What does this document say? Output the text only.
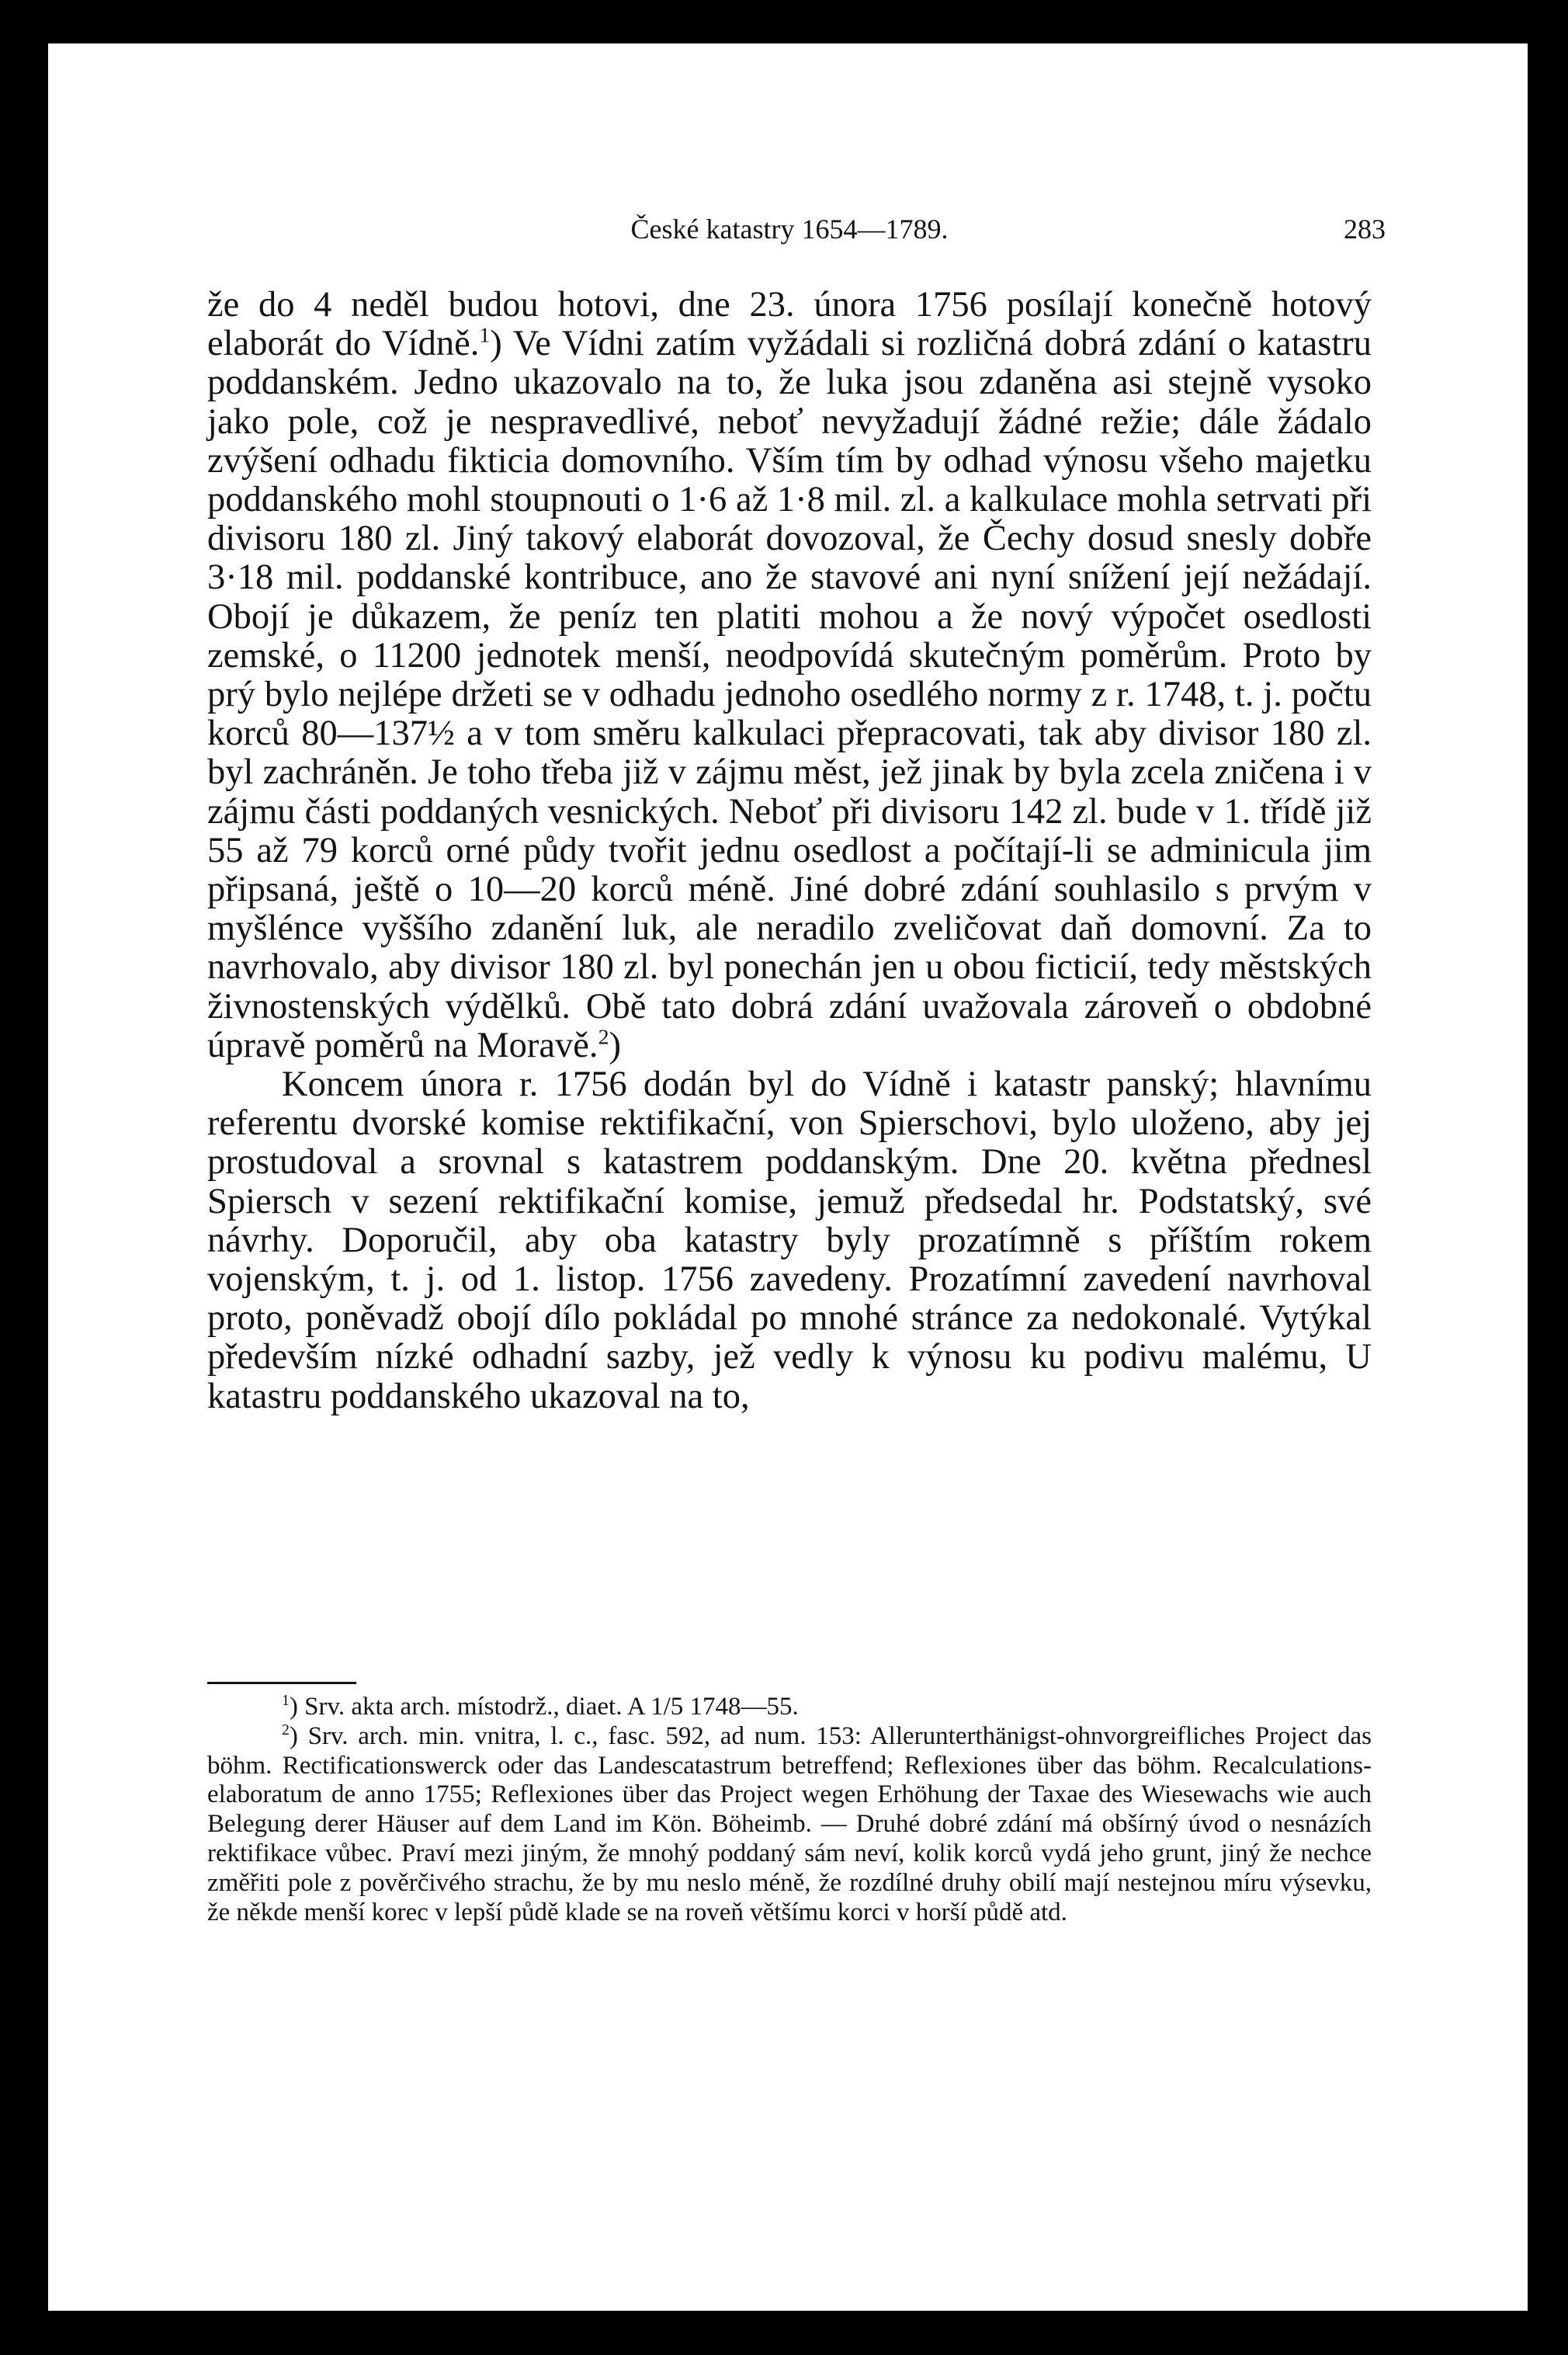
České katastry 1654—1789.	283

že do 4 neděl budou hotovi, dne 23. února 1756 posílají konečně hotový elaborát do Vídně.$^1$) Ve Vídni zatím vyžádali si rozličná dobrá zdání o katastru poddanském. Jedno ukazovalo na to, že luka jsou zdaněna asi stejně vysoko jako pole, což je nespravedlivé, neboť nevyžadují žádné režie; dále žádalo zvýšení odhadu fikticia domovního. Vším tím by odhad výnosu všeho majetku poddanského mohl stoupnouti o 1·6 až 1·8 mil. zl. a kalkulace mohla setrvati při divisoru 180 zl. Jiný takový elaborát dovozoval, že Čechy dosud snesly dobře 3·18 mil. poddanské kontribuce, ano že stavové ani nyní snížení její nežádají. Obojí je důkazem, že peníz ten platiti mohou a že nový výpočet osedlosti zemské, o 11200 jednotek menší, neodpovídá skutečným poměrům. Proto by prý bylo nejlépe držeti se v odhadu jednoho osedlého normy z r. 1748, t. j. počtu korců 80—137½ a v tom směru kalkulaci přepracovati, tak aby divisor 180 zl. byl zachráněn. Je toho třeba již v zájmu měst, jež jinak by byla zcela zničena i v zájmu části poddaných vesnických. Neboť při divisoru 142 zl. bude v 1. třídě již 55 až 79 korců orné půdy tvořit jednu osedlost a počítají-li se adminicula jim připsaná, ještě o 10—20 korců méně. Jiné dobré zdání souhlasilo s prvým v myšlénce vyššího zdanění luk, ale neradilo zveličovat daň domovní. Za to navrhovalo, aby divisor 180 zl. byl ponechán jen u obou ficticií, tedy městských živnostenských výdělků. Obě tato dobrá zdání uvažovala zároveň o obdobné úpravě poměrů na Moravě.$^2$)

Koncem února r. 1756 dodán byl do Vídně i katastr panský; hlavnímu referentu dvorské komise rektifikační, von Spierschovi, bylo uloženo, aby jej prostudoval a srovnal s katastrem poddanským. Dne 20. května přednesl Spiersch v sezení rektifikační komise, jemuž předsedal hr. Podstatský, své návrhy. Doporučil, aby oba katastry byly prozatímně s příštím rokem vojenským, t. j. od 1. listop. 1756 zavedeny. Prozatímní zavedení navrhoval proto, poněvadž obojí dílo pokládal po mnohé stránce za nedokonalé. Vytýkal především nízké odhadní sazby, jež vedly k výnosu ku podivu malému, U katastru poddanského ukazoval na to,

$^1$) Srv. akta arch. místodrž., diaet. A 1/5 1748—55.

$^2$) Srv. arch. min. vnitra, l. c., fasc. 592, ad num. 153: Allerunterthänigst-ohnvorgreifliches Project das böhm. Rectificationswerck oder das Landescatastrum betreffend; Reflexiones über das böhm. Recalculations-elaboratum de anno 1755; Reflexiones über das Project wegen Erhöhung der Taxae des Wiesewachs wie auch Belegung derer Häuser auf dem Land im Kön. Böheimb. — Druhé dobré zdání má obšírný úvod o nesnázích rektifikace vůbec. Praví mezi jiným, že mnohý poddaný sám neví, kolik korců vydá jeho grunt, jiný že nechce změřiti pole z pověrčivého strachu, že by mu neslo méně, že rozdílné druhy obilí mají nestejnou míru výsevku, že někde menší korec v lepší půdě klade se na roveň většímu korci v horší půdě atd.
